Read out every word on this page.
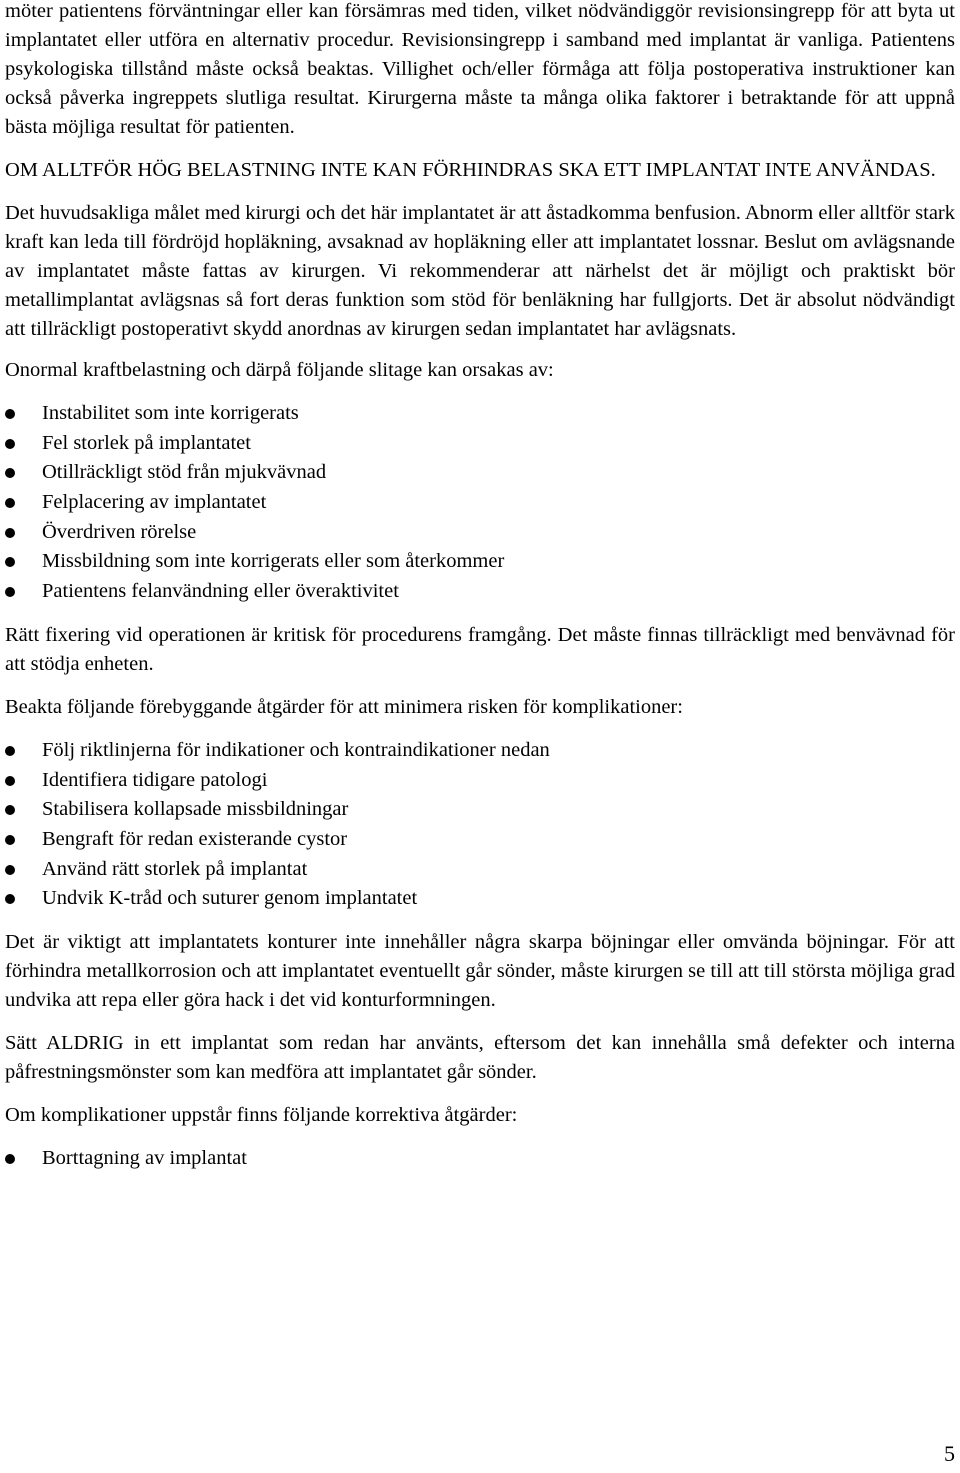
möter patientens förväntningar eller kan försämras med tiden, vilket nödvändiggör revisionsingrepp för att byta ut implantatet eller utföra en alternativ procedur. Revisionsingrepp i samband med implantat är vanliga. Patientens psykologiska tillstånd måste också beaktas. Villighet och/eller förmåga att följa postoperativa instruktioner kan också påverka ingreppets slutliga resultat. Kirurgerna måste ta många olika faktorer i betraktande för att uppnå bästa möjliga resultat för patienten.

OM ALLTFÖR HÖG BELASTNING INTE KAN FÖRHINDRAS SKA ETT IMPLANTAT INTE ANVÄNDAS.

Det huvudsakliga målet med kirurgi och det här implantatet är att åstadkomma benfusion. Abnorm eller alltför stark kraft kan leda till fördröjd hopläkning, avsaknad av hopläkning eller att implantatet lossnar. Beslut om avlägsnande av implantatet måste fattas av kirurgen. Vi rekommenderar att närhelst det är möjligt och praktiskt bör metallimplantat avlägsnas så fort deras funktion som stöd för benläkning har fullgjorts. Det är absolut nödvändigt att tillräckligt postoperativt skydd anordnas av kirurgen sedan implantatet har avlägsnats.

Onormal kraftbelastning och därpå följande slitage kan orsakas av:

Instabilitet som inte korrigerats
Fel storlek på implantatet
Otillräckligt stöd från mjukvävnad
Felplacering av implantatet
Överdriven rörelse
Missbildning som inte korrigerats eller som återkommer
Patientens felanvändning eller överaktivitet

Rätt fixering vid operationen är kritisk för procedurens framgång. Det måste finnas tillräckligt med benvävnad för att stödja enheten.

Beakta följande förebyggande åtgärder för att minimera risken för komplikationer:

Följ riktlinjerna för indikationer och kontraindikationer nedan
Identifiera tidigare patologi
Stabilisera kollapsade missbildningar
Bengraft för redan existerande cystor
Använd rätt storlek på implantat
Undvik K-tråd och suturer genom implantatet

Det är viktigt att implantatets konturer inte innehåller några skarpa böjningar eller omvända böjningar. För att förhindra metallkorrosion och att implantatet eventuellt går sönder, måste kirurgen se till att till största möjliga grad undvika att repa eller göra hack i det vid konturformningen.

Sätt ALDRIG in ett implantat som redan har använts, eftersom det kan innehålla små defekter och interna påfrestningsmönster som kan medföra att implantatet går sönder.

Om komplikationer uppstår finns följande korrektiva åtgärder:

Borttagning av implantat
5
